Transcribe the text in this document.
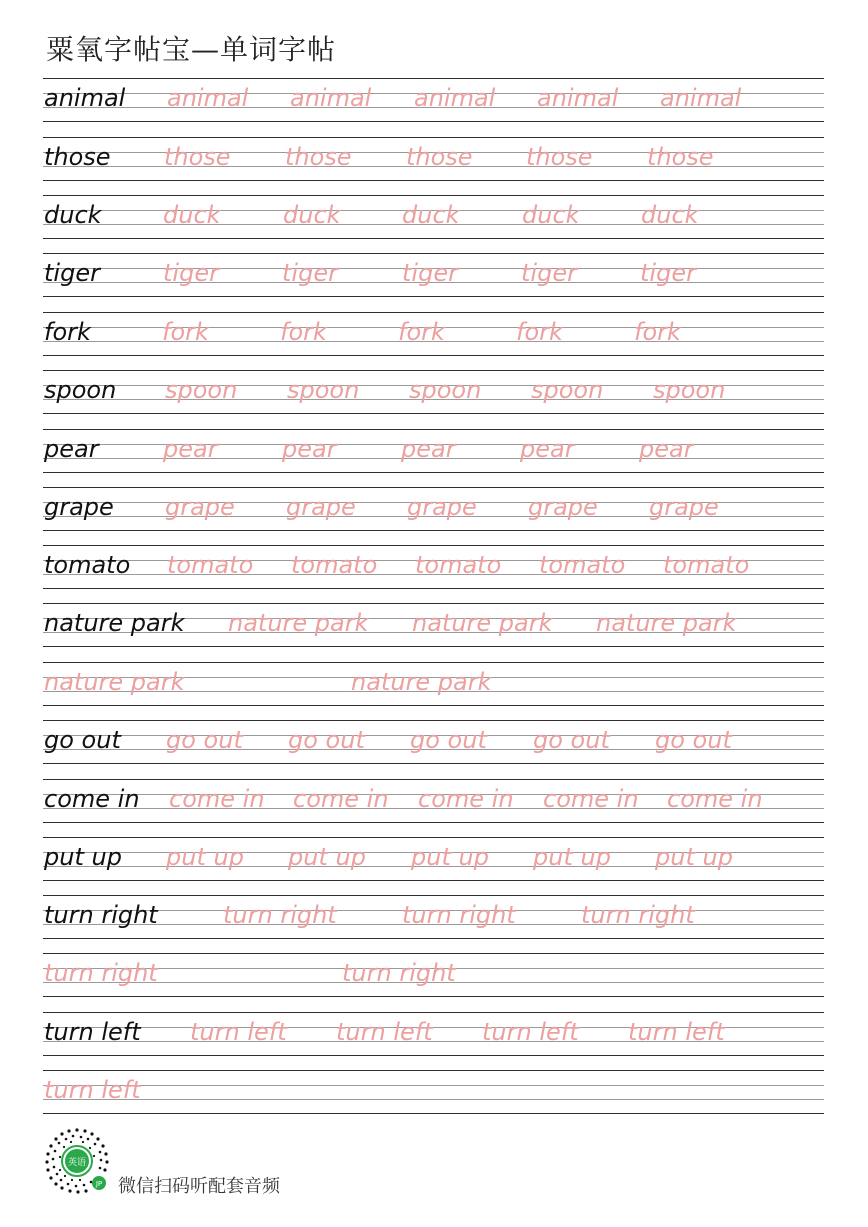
粟氧字帖宝—单词字帖
animal animal animal animal animal animal
those those those those those those
duck	duck	duck	duck	duck	duck
tiger	tiger	tiger	tiger	tiger	tiger
fork	fork	fork	fork	fork	fork
spoon spoon spoon spoon spoon spoon
pear	pear	pear	pear	pear	pear
grape grape grape grape grape grape
tomato tomato tomato tomato tomato tomato
nature park nature park nature park nature park
nature park	nature park
go out go out go out go out go out go out
come in come in come in come in come in come in
put up put up put up put up put up put up
turn right	turn right	turn right	turn right
turn right	turn right
turn left turn left turn left turn left turn left
turn left
英语
JP 微信扫码听配套音频
